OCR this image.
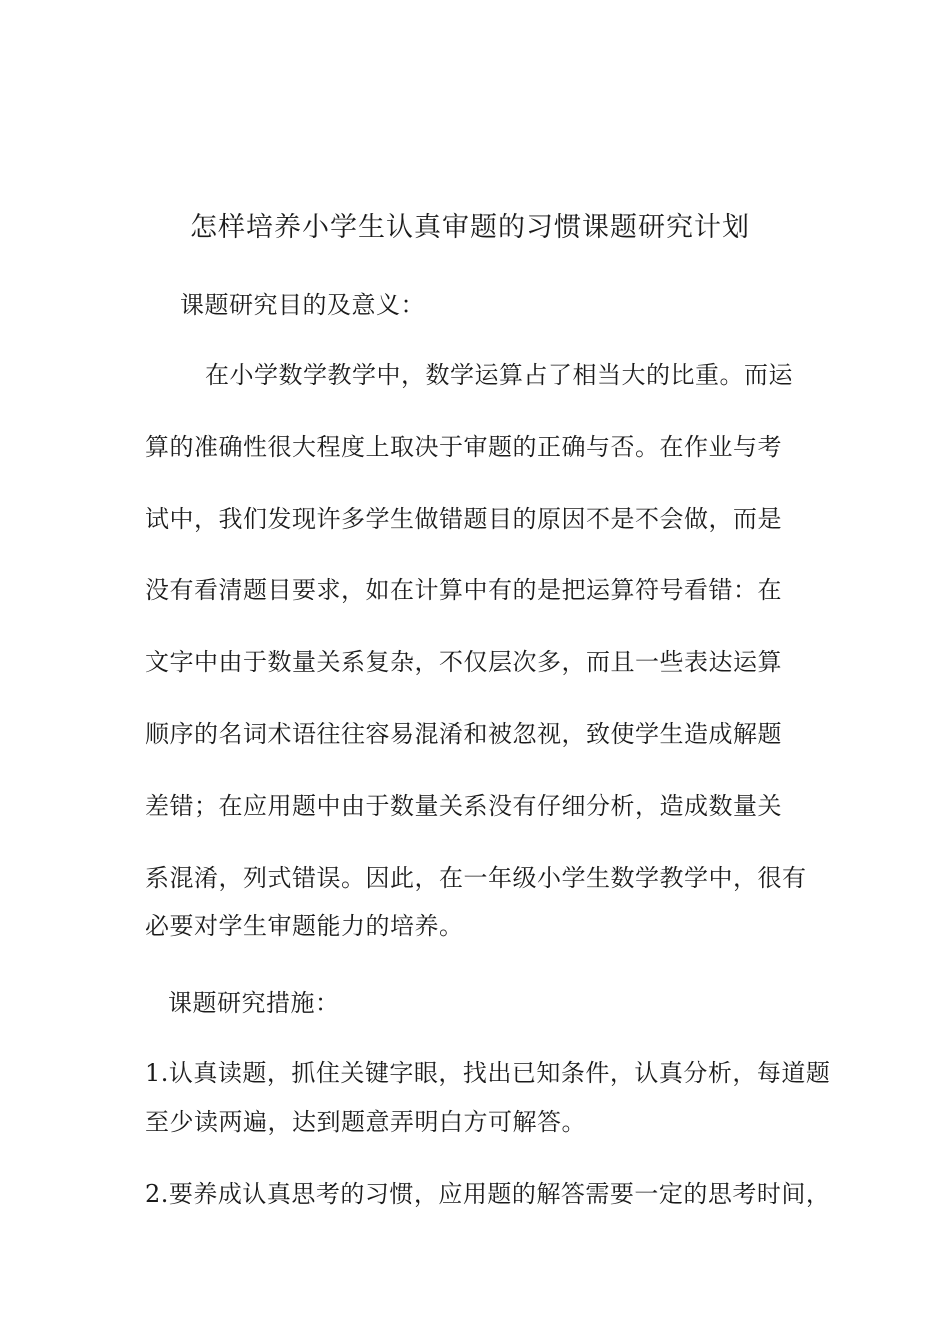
怎样培养小学生认真审题的习惯课题研究计划
课题研究目的及意义：
在小学数学教学中，数学运算占了相当大的比重。而运
算的准确性很大程度上取决于审题的正确与否。在作业与考
试中，我们发现许多学生做错题目的原因不是不会做，而是
没有看清题目要求，如在计算中有的是把运算符号看错：在
文字中由于数量关系复杂，不仅层次多，而且一些表达运算
顺序的名词术语往往容易混淆和被忽视，致使学生造成解题
差错；在应用题中由于数量关系没有仔细分析，造成数量关
系混淆，列式错误。因此，在一年级小学生数学教学中，很有
必要对学生审题能力的培养。
课题研究措施：
1.认真读题，抓住关键字眼，找出已知条件，认真分析，每道题
至少读两遍，达到题意弄明白方可解答。
2.要养成认真思考的习惯，应用题的解答需要一定的思考时间，
